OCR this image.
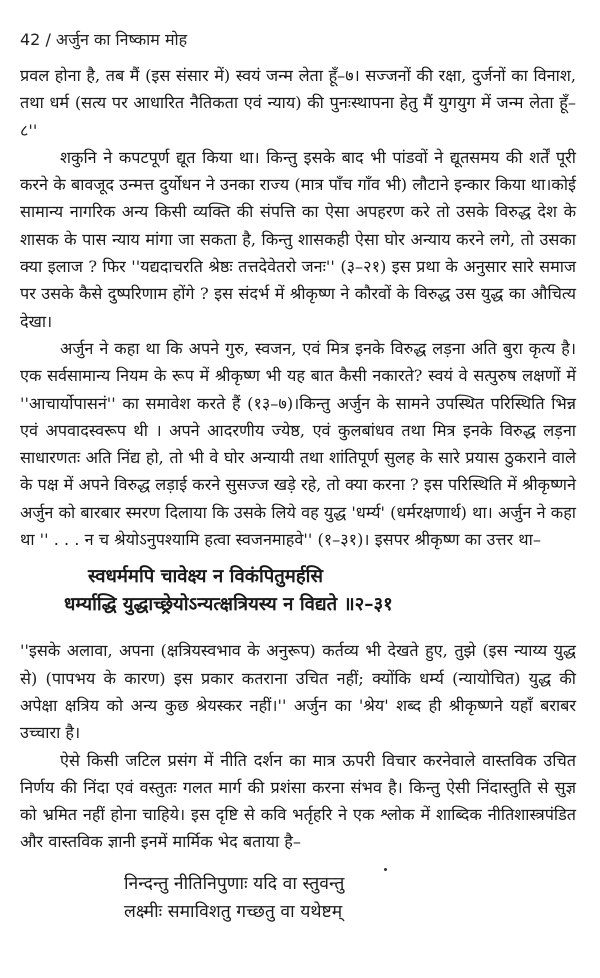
42 / अर्जुन का निष्काम मोह

प्रवल होना है, तब मैं (इस संसार में) स्वयं जन्म लेता हूँ–७। सज्जनों की रक्षा, दुर्जनों का विनाश, तथा धर्म (सत्य पर आधारित नैतिकता एवं न्याय) की पुनःस्थापना हेतु मैं युगयुग में जन्म लेता हूँ–८''

शकुनि ने कपटपूर्ण द्यूत किया था। किन्तु इसके बाद भी पांडवों ने द्यूतसमय की शर्तें पूरी करने के बावजूद उन्मत्त दुर्योधन ने उनका राज्य (मात्र पाँच गाँव भी) लौटाने इन्कार किया था।कोई सामान्य नागरिक अन्य किसी व्यक्ति की संपत्ति का ऐसा अपहरण करे तो उसके विरुद्ध देश के शासक के पास न्याय मांगा जा सकता है, किन्तु शासकही ऐसा घोर अन्याय करने लगे, तो उसका क्या इलाज ? फिर ''यद्यदाचरति श्रेष्ठः तत्तदेवेतरो जनः'' (३–२१) इस प्रथा के अनुसार सारे समाज पर उसके कैसे दुष्परिणाम होंगे ? इस संदर्भ में श्रीकृष्ण ने कौरवों के विरुद्ध उस युद्ध का औचित्य देखा।

अर्जुन ने कहा था कि अपने गुरु, स्वजन, एवं मित्र इनके विरुद्ध लड़ना अति बुरा कृत्य है। एक सर्वसामान्य नियम के रूप में श्रीकृष्ण भी यह बात कैसी नकारते? स्वयं वे सत्पुरुष लक्षणों में ''आचार्योपासनं'' का समावेश करते हैं (१३–७)।किन्तु अर्जुन के सामने उपस्थित परिस्थिति भिन्न एवं अपवादस्वरूप थी । अपने आदरणीय ज्येष्ठ, एवं कुलबांधव तथा मित्र इनके विरुद्ध लड़ना साधारणतः अति निंद्य हो, तो भी वे घोर अन्यायी तथा शांतिपूर्ण सुलह के सारे प्रयास ठुकराने वाले के पक्ष में अपने विरुद्ध लड़ाई करने सुसज्ज खड़े रहे, तो क्या करना ? इस परिस्थिति में श्रीकृष्णने अर्जुन को बारबार स्मरण दिलाया कि उसके लिये वह युद्ध 'धर्म्य' (धर्मरक्षणार्थ) था। अर्जुन ने कहा था '' . . . न च श्रेयोऽनुपश्यामि हत्वा स्वजनमाहवे'' (१–३१)। इसपर श्रीकृष्ण का उत्तर था–

स्वधर्ममपि चावेक्ष्य न विकंपितुमर्हसि
धर्म्याद्धि युद्धाच्छ्रेयोऽन्यत्क्षत्रियस्य न विद्यते ॥२–३१

''इसके अलावा, अपना (क्षत्रियस्वभाव के अनुरूप) कर्तव्य भी देखते हुए, तुझे (इस न्याय्य युद्ध से) (पापभय के कारण) इस प्रकार कतराना उचित नहीं; क्योंकि धर्म्य (न्यायोचित) युद्ध की अपेक्षा क्षत्रिय को अन्य कुछ श्रेयस्कर नहीं।'' अर्जुन का 'श्रेय' शब्द ही श्रीकृष्णने यहाँ बराबर उच्चारा है।

ऐसे किसी जटिल प्रसंग में नीति दर्शन का मात्र ऊपरी विचार करनेवाले वास्तविक उचित निर्णय की निंदा एवं वस्तुतः गलत मार्ग की प्रशंसा करना संभव है। किन्तु ऐसी निंदास्तुति से सुज्ञ को भ्रमित नहीं होना चाहिये। इस दृष्टि से कवि भर्तृहरि ने एक श्लोक में शाब्दिक नीतिशास्त्रपंडित और वास्तविक ज्ञानी इनमें मार्मिक भेद बताया है–

निन्दन्तु नीतिनिपुणाः यदि वा स्तुवन्तु
लक्ष्मीः समाविशतु गच्छतु वा यथेष्टम्
